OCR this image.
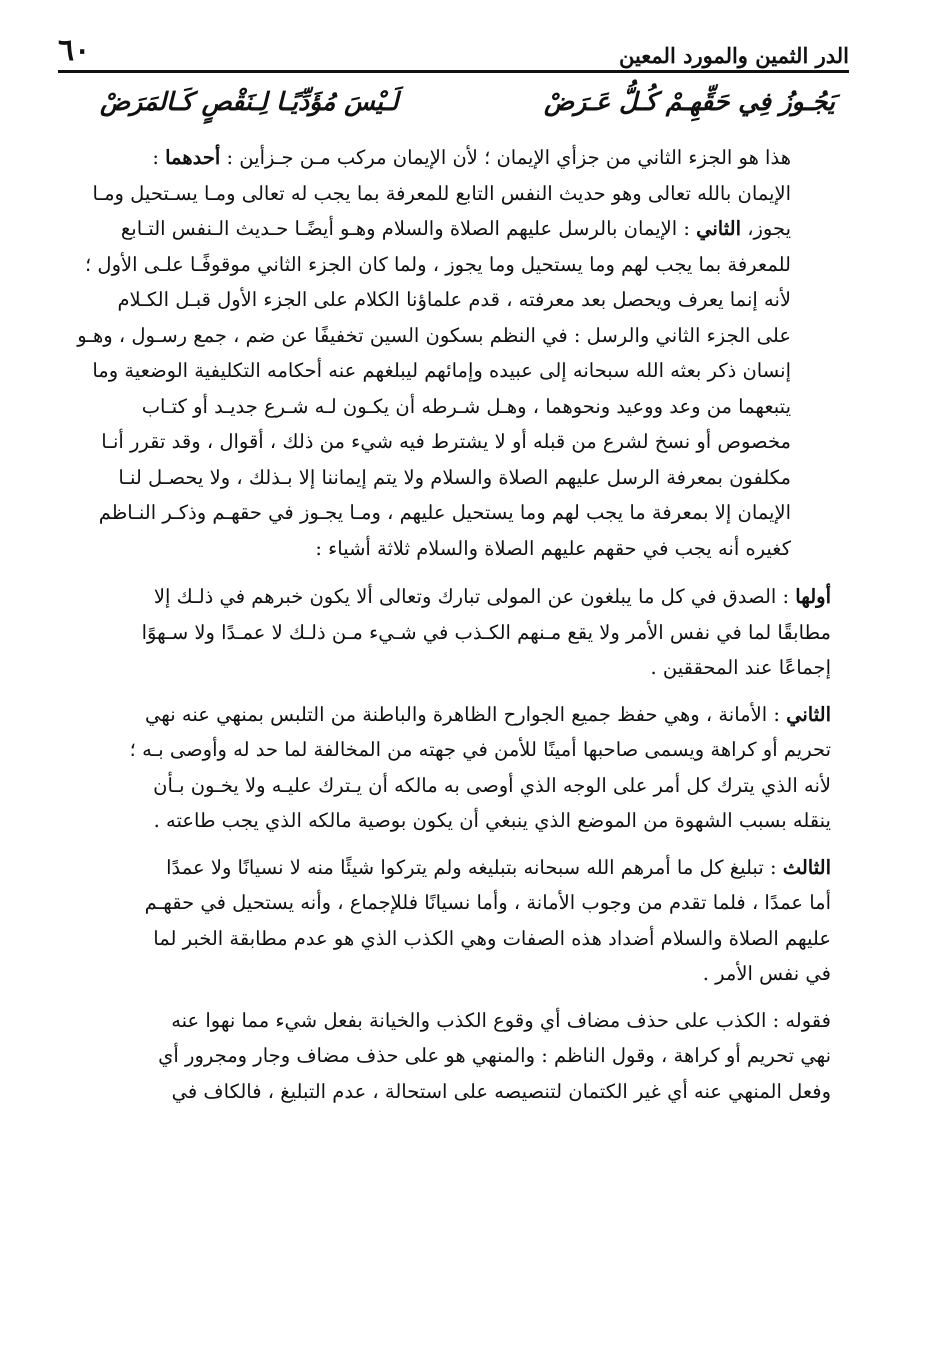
٦٠	الدر الثمين والمورد المعين
يَجُـوزُ فِي حَقِّهِـمْ كُـلُّ عَـرَضْ
لَـيْسَ مُؤَدِّيًـا لِـنَقْصٍ كَـالمَرَضْ
هذا هو الجزء الثاني من جزأي الإيمان ؛ لأن الإيمان مركب مـن جـزأين : أحدهما :
الإيمان بالله تعالى وهو حديث النفس التابع للمعرفة بما يجب له تعالى ومـا يسـتحيل ومـا
يجوز، الثاني : الإيمان بالرسل عليهم الصلاة والسلام وهـو أيضًـا حـديث الـنفس التـابع
للمعرفة بما يجب لهم وما يستحيل وما يجوز ، ولما كان الجزء الثاني موقوفًـا علـى الأول ؛
لأنه إنما يعرف ويحصل بعد معرفته ، قدم علماؤنا الكلام على الجزء الأول قبـل الكـلام
على الجزء الثاني والرسل : في النظم بسكون السين تخفيفًا عن ضم ، جمع رسـول ، وهـو
إنسان ذكر بعثه الله سبحانه إلى عبيده وإمائهم ليبلغهم عنه أحكامه التكليفية الوضعية وما
يتبعهما من وعد ووعيد ونحوهما ، وهـل شـرطه أن يكـون لـه شـرع جديـد أو كتـاب
مخصوص أو نسخ لشرع من قبله أو لا يشترط فيه شيء من ذلك ، أقوال ، وقد تقرر أنـا
مكلفون بمعرفة الرسل عليهم الصلاة والسلام ولا يتم إيماننا إلا بـذلك ، ولا يحصـل لنـا
الإيمان إلا بمعرفة ما يجب لهم وما يستحيل عليهم ، ومـا يجـوز في حقهـم وذكـر النـاظم
كغيره أنه يجب في حقهم عليهم الصلاة والسلام ثلاثة أشياء :
أولها : الصدق في كل ما يبلغون عن المولى تبارك وتعالى ألا يكون خبرهم في ذلـك إلا
مطابقًا لما في نفس الأمر ولا يقع مـنهم الكـذب في شـيء مـن ذلـك لا عمـدًا ولا سـهوًا
إجماعًا عند المحققين .
الثاني : الأمانة ، وهي حفظ جميع الجوارح الظاهرة والباطنة من التلبس بمنهي عنه نهي
تحريم أو كراهة ويسمى صاحبها أمينًا للأمن في جهته من المخالفة لما حد له وأوصى بـه ؛
لأنه الذي يترك كل أمر على الوجه الذي أوصى به مالكه أن يـترك عليـه ولا يخـون بـأن
ينقله بسبب الشهوة من الموضع الذي ينبغي أن يكون بوصية مالكه الذي يجب طاعته .
الثالث : تبليغ كل ما أمرهم الله سبحانه بتبليغه ولم يتركوا شيئًا منه لا نسيانًا ولا عمدًا
أما عمدًا ، فلما تقدم من وجوب الأمانة ، وأما نسيانًا فللإجماع ، وأنه يستحيل في حقهـم
عليهم الصلاة والسلام أضداد هذه الصفات وهي الكذب الذي هو عدم مطابقة الخبر لما
في نفس الأمر .
فقوله : الكذب على حذف مضاف أي وقوع الكذب والخيانة بفعل شيء مما نهوا عنه
نهي تحريم أو كراهة ، وقول الناظم : والمنهي هو على حذف مضاف وجار ومجرور أي
وفعل المنهي عنه أي غير الكتمان لتنصيصه على استحالة ، عدم التبليغ ، فالكاف في
